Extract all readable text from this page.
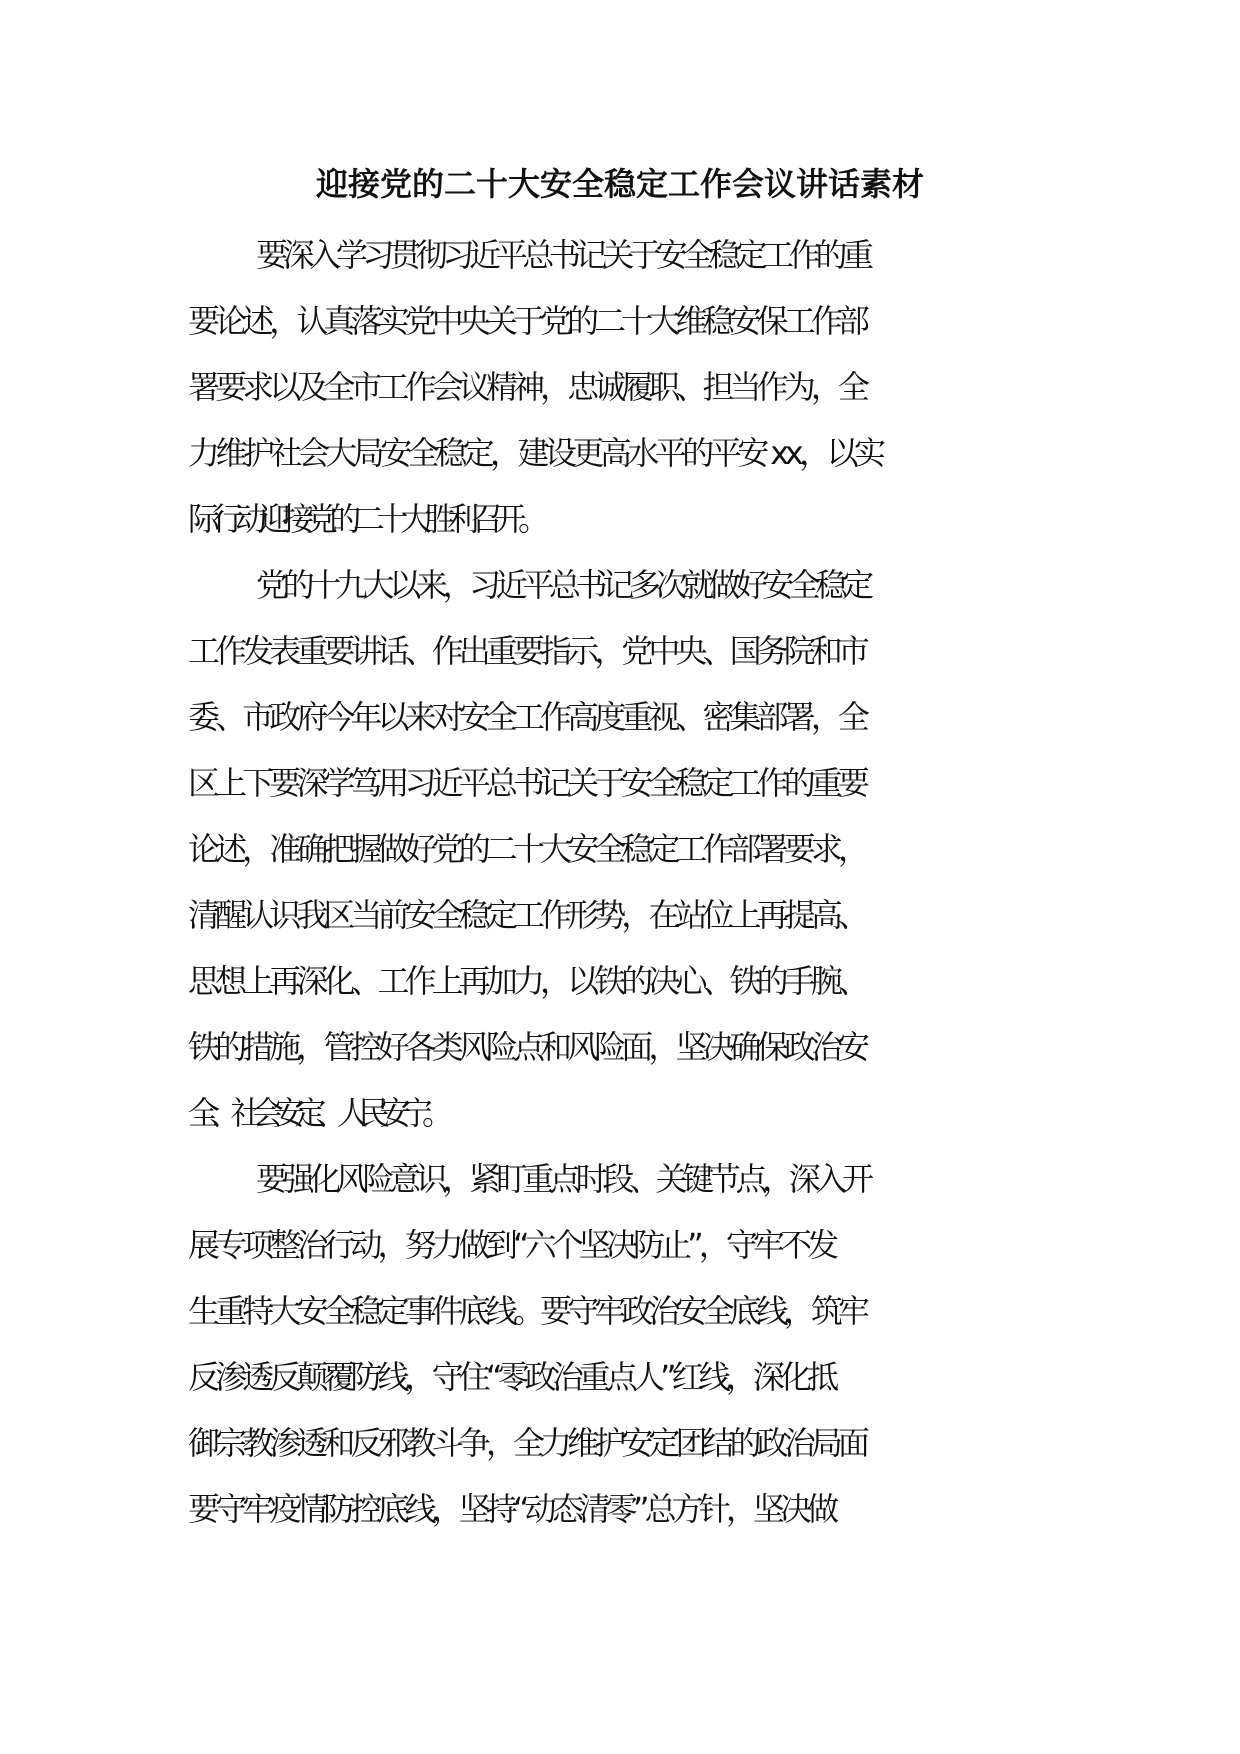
迎接党的二十大安全稳定工作会议讲话素材
要深入学习贯彻习近平总书记关于安全稳定工作的重
要论述，认真落实党中央关于党的二十大维稳安保工作部
署要求以及全市工作会议精神，忠诚履职、担当作为，全
力维护社会大局安全稳定，建设更高水平的平安 xx，以实
际行动迎接党的二十大胜利召开。
党的十九大以来，习近平总书记多次就做好安全稳定
工作发表重要讲话、作出重要指示，党中央、国务院和市
委、市政府今年以来对安全工作高度重视、密集部署，全
区上下要深学笃用习近平总书记关于安全稳定工作的重要
论述，准确把握做好党的二十大安全稳定工作部署要求，
清醒认识我区当前安全稳定工作形势，在站位上再提高、
思想上再深化、工作上再加力，以铁的决心、铁的手腕、
铁的措施，管控好各类风险点和风险面，坚决确保政治安
全、社会安定、人民安宁。
要强化风险意识，紧盯重点时段、关键节点，深入开
展专项整治行动，努力做到“六个坚决防止”，守牢不发
生重特大安全稳定事件底线。要守牢政治安全底线，筑牢
反渗透反颠覆防线，守住“零政治重点人”红线，深化抵
御宗教渗透和反邪教斗争，全力维护安定团结的政治局面
要守牢疫情防控底线，坚持“动态清零”总方针，坚决做
